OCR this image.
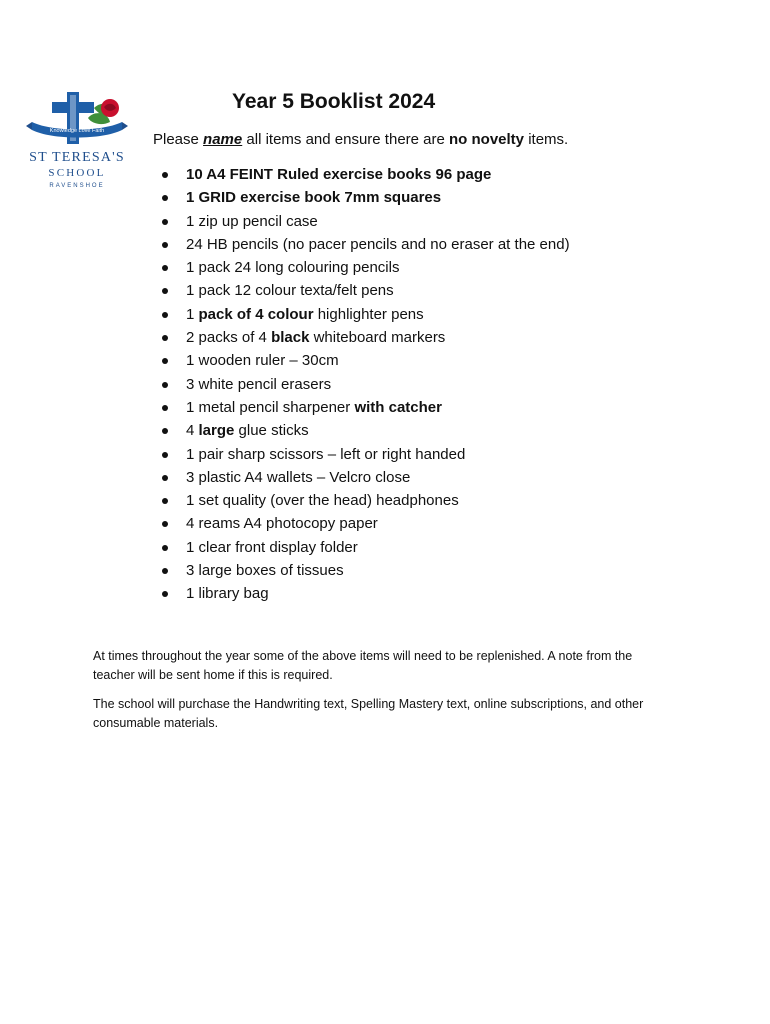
Knowledge Love Faith
ST TERESA'S
SCHOOL
RAVENSHOE
Year 5 Booklist 2024

Please name all items and ensure there are no novelty items.

10 A4 FEINT Ruled exercise books 96 page
1 GRID exercise book 7mm squares
1 zip up pencil case
24 HB pencils (no pacer pencils and no eraser at the end)
1 pack 24 long colouring pencils
1 pack 12 colour texta/felt pens
1 pack of 4 colour highlighter pens
2 packs of 4 black whiteboard markers
1 wooden ruler – 30cm
3 white pencil erasers
1 metal pencil sharpener with catcher
4 large glue sticks
1 pair sharp scissors – left or right handed
3 plastic A4 wallets – Velcro close
1 set quality (over the head) headphones
4 reams A4 photocopy paper
1 clear front display folder
3 large boxes of tissues
1 library bag

At times throughout the year some of the above items will need to be replenished. A note from the teacher will be sent home if this is required.

The school will purchase the Handwriting text, Spelling Mastery text, online subscriptions, and other consumable materials.
